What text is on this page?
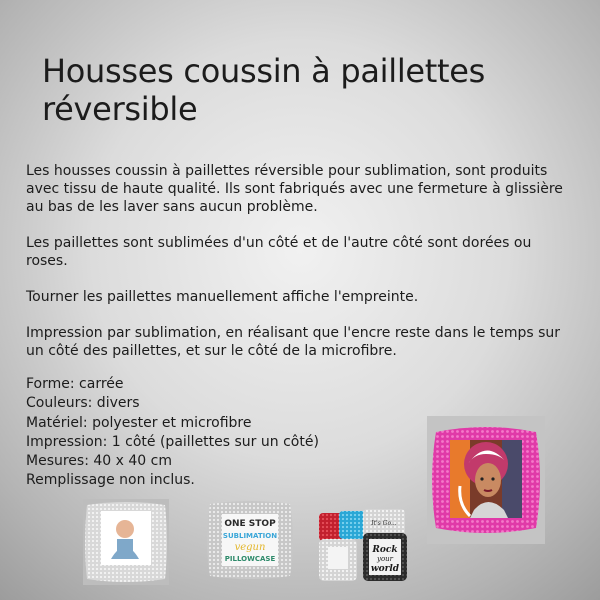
Housses coussin à paillettes
réversible

Les housses coussin à paillettes réversible pour sublimation, sont produits avec tissu de haute qualité. Ils sont fabriqués avec une fermeture à glissière au bas de les laver sans aucun problème.

Les paillettes sont sublimées d'un côté et de l'autre côté sont dorées ou roses.

Tourner les paillettes manuellement affiche l'empreinte.

Impression par sublimation, en réalisant que l'encre reste dans le temps sur un côté des paillettes, et sur le côté de la microfibre.

Forme: carrée
Couleurs: divers
Matériel: polyester et microfibre
Impression: 1 côté (paillettes sur un côté)
Mesures: 40 x 40 cm
Remplissage non inclus.
ONE STOP
SUBLIMATION
vegun
PILLOWCASE
It's Go...
Rock
your
world
